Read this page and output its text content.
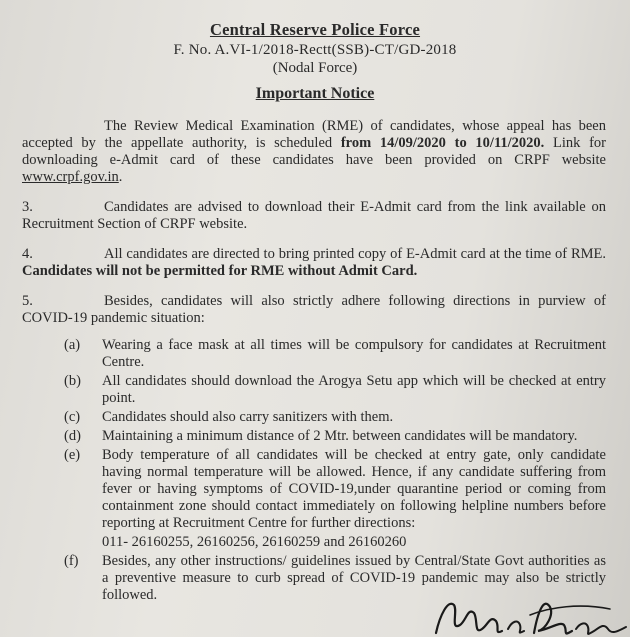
Central Reserve Police Force
F. No. A.VI-1/2018-Rectt(SSB)-CT/GD-2018
(Nodal Force)
Important Notice

The Review Medical Examination (RME) of candidates, whose appeal has been accepted by the appellate authority, is scheduled from 14/09/2020 to 10/11/2020. Link for downloading e-Admit card of these candidates have been provided on CRPF website www.crpf.gov.in.

3.	Candidates are advised to download their E-Admit card from the link available on Recruitment Section of CRPF website.

4.	All candidates are directed to bring printed copy of E-Admit card at the time of RME. Candidates will not be permitted for RME without Admit Card.

5.	Besides, candidates will also strictly adhere following directions in purview of COVID-19 pandemic situation:

(a)	Wearing a face mask at all times will be compulsory for candidates at Recruitment Centre.
(b)	All candidates should download the Arogya Setu app which will be checked at entry point.
(c)	Candidates should also carry sanitizers with them.
(d)	Maintaining a minimum distance of 2 Mtr. between candidates will be mandatory.
(e)	Body temperature of all candidates will be checked at entry gate, only candidate having normal temperature will be allowed. Hence, if any candidate suffering from fever or having symptoms of COVID-19,under quarantine period or coming from containment zone should contact immediately on following helpline numbers before reporting at Recruitment Centre for further directions:
011- 26160255, 26160256, 26160259 and 26160260
(f)	Besides, any other instructions/ guidelines issued by Central/State Govt authorities as a preventive measure to curb spread of COVID-19 pandemic may also be strictly followed.
